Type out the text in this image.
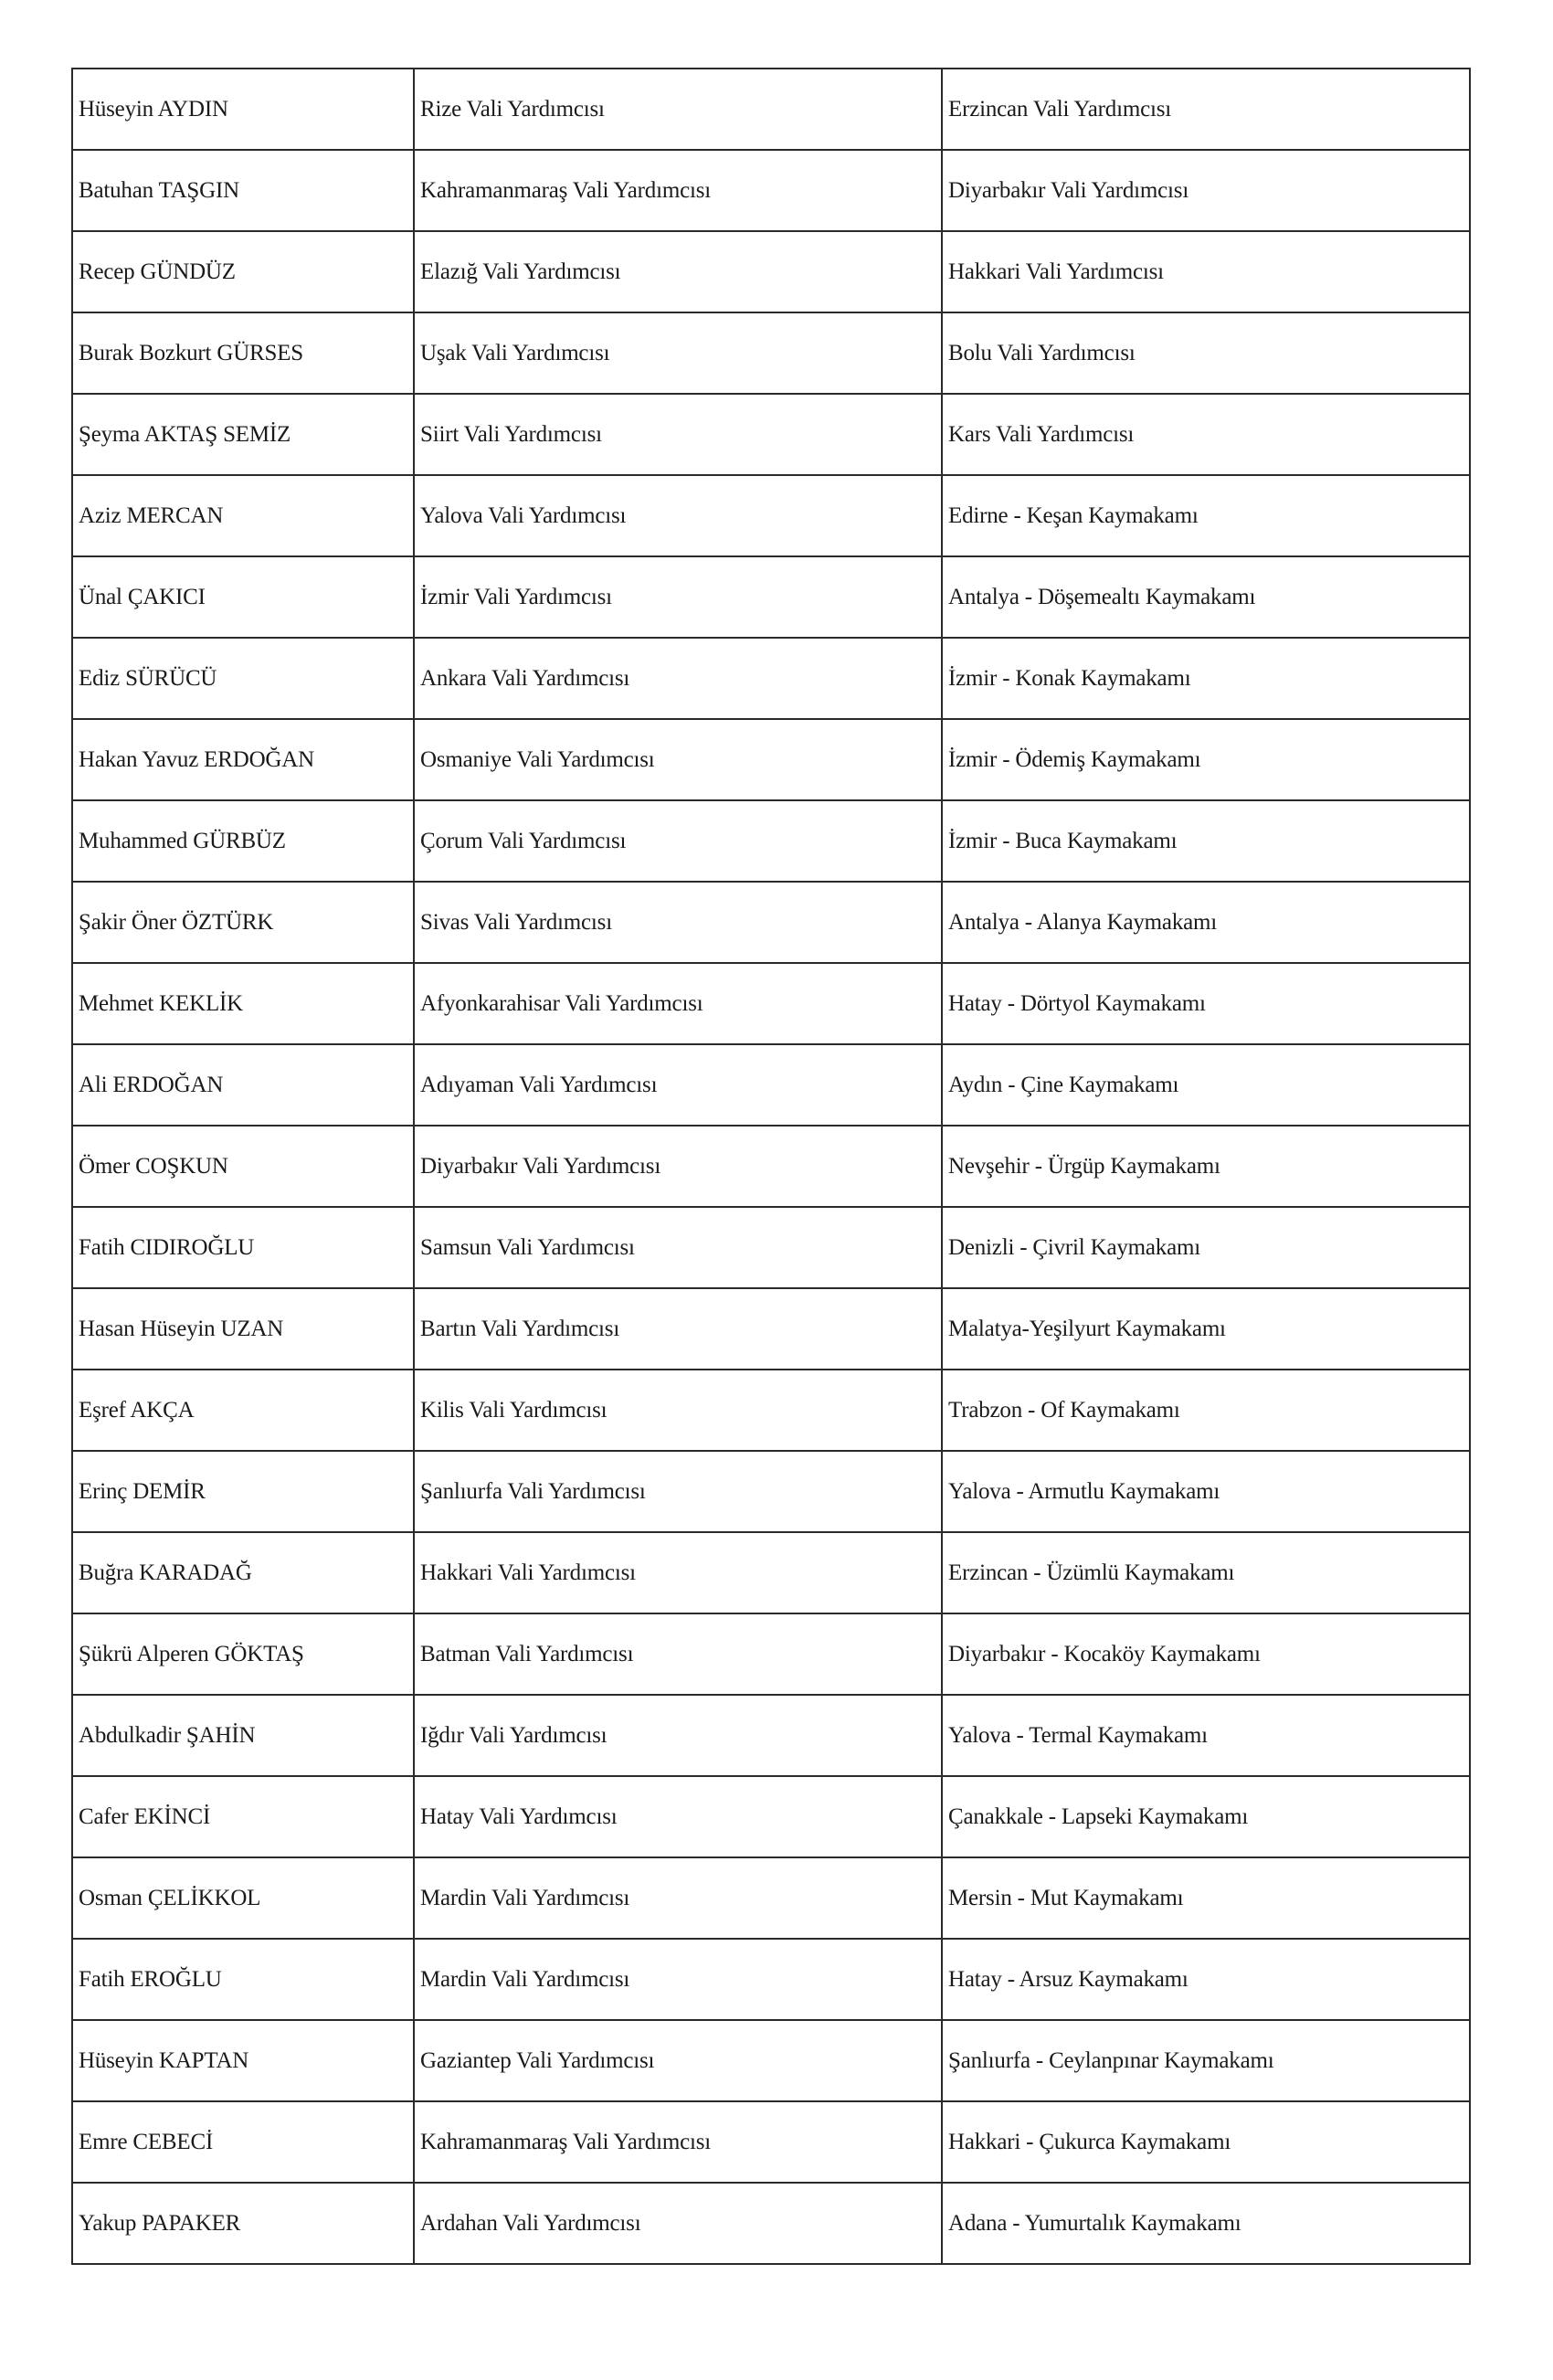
Hüseyin AYDIN	Rize Vali Yardımcısı	Erzincan Vali Yardımcısı
Batuhan TAŞGIN	Kahramanmaraş Vali Yardımcısı	Diyarbakır Vali Yardımcısı
Recep GÜNDÜZ	Elazığ Vali Yardımcısı	Hakkari Vali Yardımcısı
Burak Bozkurt GÜRSES	Uşak Vali Yardımcısı	Bolu Vali Yardımcısı
Şeyma AKTAŞ SEMİZ	Siirt Vali Yardımcısı	Kars Vali Yardımcısı
Aziz MERCAN	Yalova Vali Yardımcısı	Edirne - Keşan Kaymakamı
Ünal ÇAKICI	İzmir Vali Yardımcısı	Antalya - Döşemealtı Kaymakamı
Ediz SÜRÜCÜ	Ankara Vali Yardımcısı	İzmir - Konak Kaymakamı
Hakan Yavuz ERDOĞAN	Osmaniye Vali Yardımcısı	İzmir - Ödemiş Kaymakamı
Muhammed GÜRBÜZ	Çorum Vali Yardımcısı	İzmir - Buca Kaymakamı
Şakir Öner ÖZTÜRK	Sivas Vali Yardımcısı	Antalya - Alanya Kaymakamı
Mehmet KEKLİK	Afyonkarahisar Vali Yardımcısı	Hatay - Dörtyol Kaymakamı
Ali ERDOĞAN	Adıyaman Vali Yardımcısı	Aydın - Çine Kaymakamı
Ömer COŞKUN	Diyarbakır Vali Yardımcısı	Nevşehir - Ürgüp Kaymakamı
Fatih CIDIROĞLU	Samsun Vali Yardımcısı	Denizli - Çivril Kaymakamı
Hasan Hüseyin UZAN	Bartın Vali Yardımcısı	Malatya-Yeşilyurt Kaymakamı
Eşref AKÇA	Kilis Vali Yardımcısı	Trabzon - Of Kaymakamı
Erinç DEMİR	Şanlıurfa Vali Yardımcısı	Yalova - Armutlu Kaymakamı
Buğra KARADAĞ	Hakkari Vali Yardımcısı	Erzincan - Üzümlü Kaymakamı
Şükrü Alperen GÖKTAŞ	Batman Vali Yardımcısı	Diyarbakır - Kocaköy Kaymakamı
Abdulkadir ŞAHİN	Iğdır Vali Yardımcısı	Yalova - Termal Kaymakamı
Cafer EKİNCİ	Hatay Vali Yardımcısı	Çanakkale - Lapseki Kaymakamı
Osman ÇELİKKOL	Mardin Vali Yardımcısı	Mersin - Mut Kaymakamı
Fatih EROĞLU	Mardin Vali Yardımcısı	Hatay - Arsuz Kaymakamı
Hüseyin KAPTAN	Gaziantep Vali Yardımcısı	Şanlıurfa - Ceylanpınar Kaymakamı
Emre CEBECİ	Kahramanmaraş Vali Yardımcısı	Hakkari - Çukurca Kaymakamı
Yakup PAPAKER	Ardahan Vali Yardımcısı	Adana - Yumurtalık Kaymakamı
